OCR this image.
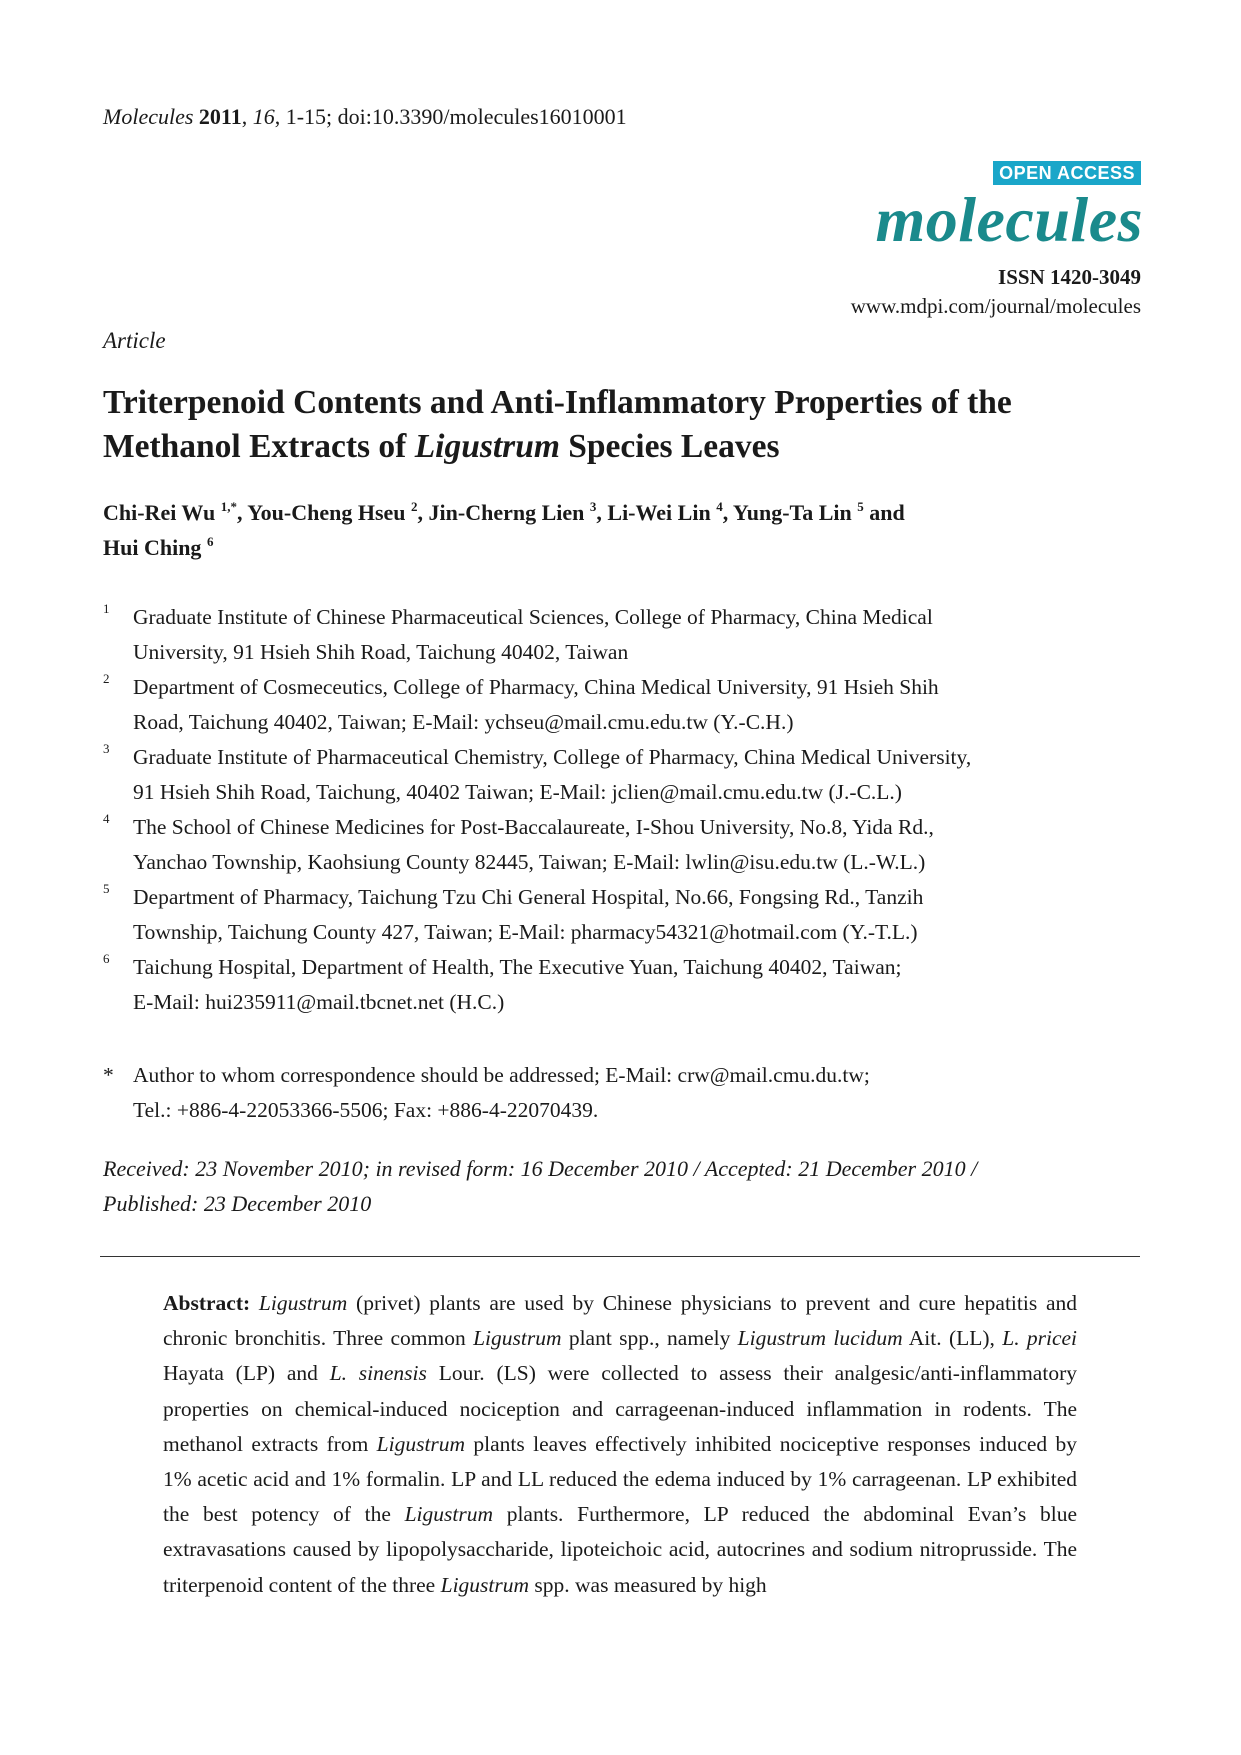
Molecules 2011, 16, 1-15; doi:10.3390/molecules16010001
OPEN ACCESS
molecules
ISSN 1420-3049
www.mdpi.com/journal/molecules
Article
Triterpenoid Contents and Anti-Inflammatory Properties of the
Methanol Extracts of Ligustrum Species Leaves
Chi-Rei Wu $^{1,*}$, You-Cheng Hseu $^2$, Jin-Cherng Lien $^3$, Li-Wei Lin $^4$, Yung-Ta Lin $^5$ and
Hui Ching $^6$
1 Graduate Institute of Chinese Pharmaceutical Sciences, College of Pharmacy, China Medical
University, 91 Hsieh Shih Road, Taichung 40402, Taiwan
2 Department of Cosmeceutics, College of Pharmacy, China Medical University, 91 Hsieh Shih
Road, Taichung 40402, Taiwan; E-Mail: ychseu@mail.cmu.edu.tw (Y.-C.H.)
3 Graduate Institute of Pharmaceutical Chemistry, College of Pharmacy, China Medical University,
91 Hsieh Shih Road, Taichung, 40402 Taiwan; E-Mail: jclien@mail.cmu.edu.tw (J.-C.L.)
4 The School of Chinese Medicines for Post-Baccalaureate, I-Shou University, No.8, Yida Rd.,
Yanchao Township, Kaohsiung County 82445, Taiwan; E-Mail: lwlin@isu.edu.tw (L.-W.L.)
5 Department of Pharmacy, Taichung Tzu Chi General Hospital, No.66, Fongsing Rd., Tanzih
Township, Taichung County 427, Taiwan; E-Mail: pharmacy54321@hotmail.com (Y.-T.L.)
6 Taichung Hospital, Department of Health, The Executive Yuan, Taichung 40402, Taiwan;
E-Mail: hui235911@mail.tbcnet.net (H.C.)
* Author to whom correspondence should be addressed; E-Mail: crw@mail.cmu.du.tw;
Tel.: +886-4-22053366-5506; Fax: +886-4-22070439.
Received: 23 November 2010; in revised form: 16 December 2010 / Accepted: 21 December 2010 /
Published: 23 December 2010
Abstract: Ligustrum (privet) plants are used by Chinese physicians to prevent and cure hepatitis and chronic bronchitis. Three common Ligustrum plant spp., namely Ligustrum lucidum Ait. (LL), L. pricei Hayata (LP) and L. sinensis Lour. (LS) were collected to assess their analgesic/anti-inflammatory properties on chemical-induced nociception and carrageenan-induced inflammation in rodents. The methanol extracts from Ligustrum plants leaves effectively inhibited nociceptive responses induced by 1% acetic acid and 1% formalin. LP and LL reduced the edema induced by 1% carrageenan. LP exhibited the best potency of the Ligustrum plants. Furthermore, LP reduced the abdominal Evan’s blue extravasations caused by lipopolysaccharide, lipoteichoic acid, autocrines and sodium nitroprusside. The triterpenoid content of the three Ligustrum spp. was measured by high
